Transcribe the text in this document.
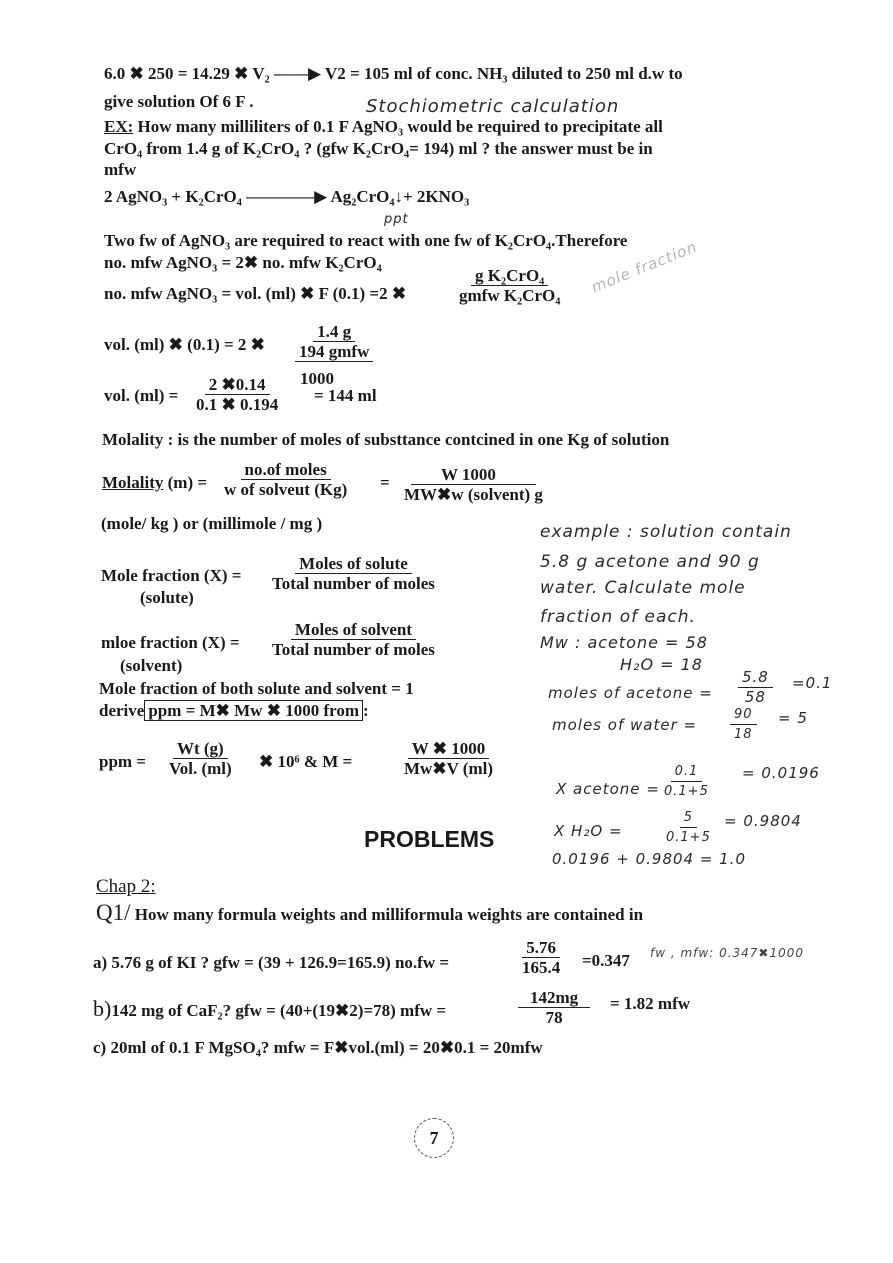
6.0 ✖ 250 = 14.29 ✖ V₂ ——▶ V2 = 105 ml of conc. NH₃ diluted to 250 ml d.w to
give solution Of 6 F .	Stochiometric calculation
EX: How many milliliters of 0.1 F AgNO₃ would be required to precipitate all
CrO₄ from 1.4 g of K₂CrO₄ ? (gfw K₂CrO₄= 194) ml ? the answer must be in
mfw
2 AgNO₃ + K₂CrO₄ ————▶ Ag₂CrO₄↓+ 2KNO₃
ppt
Two fw of AgNO₃ are required to react with one fw of K₂CrO₄.Therefore
no. mfw AgNO₃ = 2✖ no. mfw K₂CrO₄
no. mfw AgNO₃ = vol. (ml) ✖ F (0.1) =2 ✖
g K₂CrO₄
gmfw K₂CrO₄
vol. (ml) ✖ (0.1) = 2 ✖
1.4 g
194 gmfw
1000
vol. $(ml) = \frac{2 ✖0.14}{0.1 ✖ 0.194} = 144$ ml
Molality : is the number of moles of substtance contcined in one Kg of solution
Molality (m) =
no.of moles
w of solveut (Kg) =	W 1000
MW✖w (solvent) g
(mole/ kg ) or (millimole / mg )
Mole fraction (X) =
(solute)
Moles of solute
Total number of moles
mloe fraction (X) =
(solvent)
Moles of solvent
Total number of moles
Mole fraction of both solute and solvent = 1
derive ppm = M✖ Mw ✖ 1000 from :
ppm =
Wt (g)
Vol. (ml) ✖ 10⁶ & M =	$\frac{W ✖ 1000}{Mw✖V (ml)}$
example : solution contain
5.8 g acetone and 90 g
water. Calculate mole
fraction of each.
Mw : acetone = 58
H₂O = 18
moles of acetone = $\frac{5.8}{58} =0.1$
moles of water =	$\frac{90}{18} = 5$
X acetone = $\frac{0.1}{0.1+5} = 0.0196$
X H₂O =	$\frac{5}{0.1+5} = 0.9804$
0.0196 + 0.9804 = 1.0
mole fraction
PROBLEMS
Chap 2:
Q1/ How many formula weights and milliformula weights are contained in
a) 5.76 g of KI ? gfw = (39 + 126.9=165.9) no.fw =	$\frac{5.76}{165.4} =0.347$ fw , mfw: 0.347✖1000
b)142 mg of CaF₂? gfw = (40+(19✖2)=78) mfw =	$\frac{142mg}{78} = 1.82$ mfw
c) 20ml of 0.1 F MgSO₄? mfw = F✖vol.(ml) = 20✖0.1 = 20mfw
7
